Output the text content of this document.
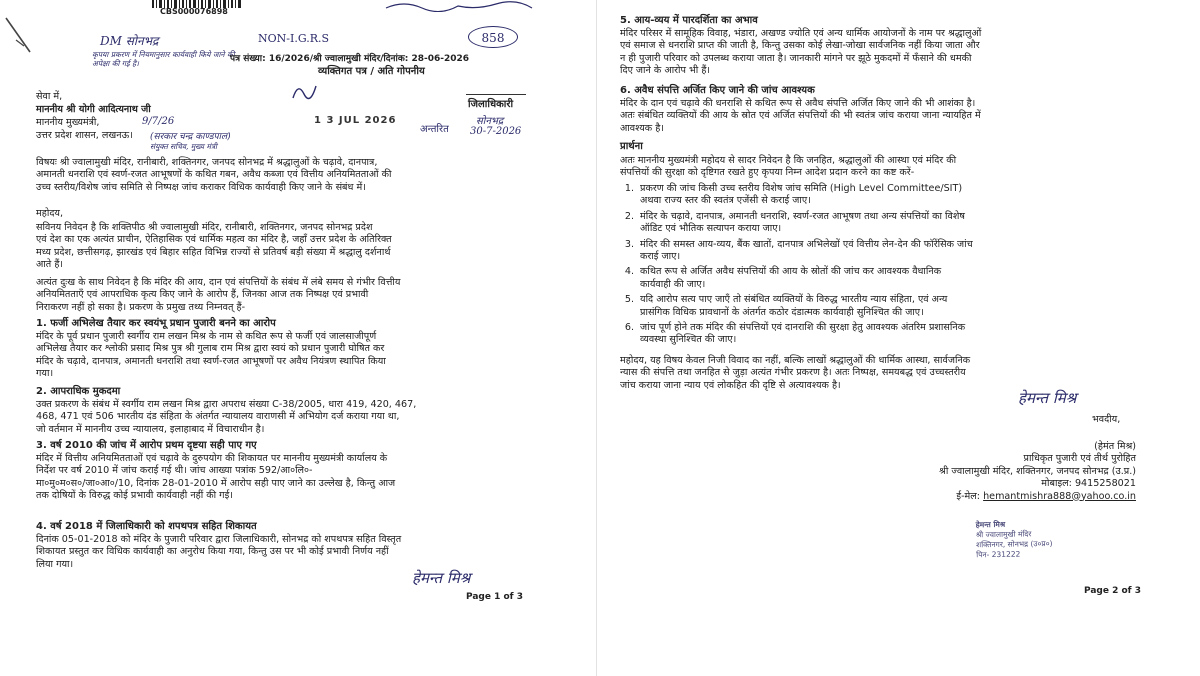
CBS000076898
DM सोनभद्र
कृपया प्रकरण में नियमानुसार कार्यवाही किये जाने की अपेक्षा की गई है।
NON-I.G.R.S	858
पत्र संख्या: 16/2026/श्री ज्वालामुखी मंदिर/दिनांक: 28-06-2026
व्यक्तिगत पत्र / अति गोपनीय
सेवा में,
माननीय श्री योगी आदित्यनाथ जी
माननीय मुख्यमंत्री,
उत्तर प्रदेश शासन, लखनऊ।
9/7/26
(सरकार चन्द्र काण्डपाल)
संयुक्त सचिव, मुख्य मंत्री
1 3 JUL 2026
जिलाधिकारी
अन्तरित
सोनभद्र
30-7-2026
विषयः श्री ज्वालामुखी मंदिर, रानीबारी, शक्तिनगर, जनपद सोनभद्र में श्रद्धालुओं के चढ़ावे, दानपात्र,
अमानती धनराशि एवं स्वर्ण-रजत आभूषणों के कथित गबन, अवैध कब्जा एवं वित्तीय अनियमितताओं की
उच्च स्तरीय/विशेष जांच समिति से निष्पक्ष जांच कराकर विधिक कार्यवाही किए जाने के संबंध में।
महोदय,
सविनय निवेदन है कि शक्तिपीठ श्री ज्वालामुखी मंदिर, रानीबारी, शक्तिनगर, जनपद सोनभद्र प्रदेश
एवं देश का एक अत्यंत प्राचीन, ऐतिहासिक एवं धार्मिक महत्व का मंदिर है, जहाँ उत्तर प्रदेश के अतिरिक्त
मध्य प्रदेश, छत्तीसगढ़, झारखंड एवं बिहार सहित विभिन्न राज्यों से प्रतिवर्ष बड़ी संख्या में श्रद्धालु दर्शनार्थ
आते हैं।
अत्यंत दुःख के साथ निवेदन है कि मंदिर की आय, दान एवं संपत्तियों के संबंध में लंबे समय से गंभीर वित्तीय
अनियमितताएँ एवं आपराधिक कृत्य किए जाने के आरोप हैं, जिनका आज तक निष्पक्ष एवं प्रभावी
निराकरण नहीं हो सका है। प्रकरण के प्रमुख तथ्य निम्नवत् हैं-
1. फर्जी अभिलेख तैयार कर स्वयंभू प्रधान पुजारी बनने का आरोप
मंदिर के पूर्व प्रधान पुजारी स्वर्गीय राम लखन मिश्र के नाम से कथित रूप से फर्जी एवं जालसाजीपूर्ण
अभिलेख तैयार कर श्लोकी प्रसाद मिश्र पुत्र श्री गुलाब राम मिश्र द्वारा स्वयं को प्रधान पुजारी घोषित कर
मंदिर के चढ़ावे, दानपात्र, अमानती धनराशि तथा स्वर्ण-रजत आभूषणों पर अवैध नियंत्रण स्थापित किया
गया।
2. आपराधिक मुकदमा
उक्त प्रकरण के संबंध में स्वर्गीय राम लखन मिश्र द्वारा अपराध संख्या C-38/2005, धारा 419, 420, 467,
468, 471 एवं 506 भारतीय दंड संहिता के अंतर्गत न्यायालय वाराणसी में अभियोग दर्ज कराया गया था,
जो वर्तमान में माननीय उच्च न्यायालय, इलाहाबाद में विचाराधीन है।
3. वर्ष 2010 की जांच में आरोप प्रथम दृष्टया सही पाए गए
मंदिर में वित्तीय अनियमितताओं एवं चढ़ावे के दुरुपयोग की शिकायत पर माननीय मुख्यमंत्री कार्यालय के
निर्देश पर वर्ष 2010 में जांच कराई गई थी। जांच आख्या पत्रांक 592/आ०लि०-
मा०मु०म०स०/जा०आ०/10, दिनांक 28-01-2010 में आरोप सही पाए जाने का उल्लेख है, किन्तु आज
तक दोषियों के विरुद्ध कोई प्रभावी कार्यवाही नहीं की गई।
4. वर्ष 2018 में जिलाधिकारी को शपथपत्र सहित शिकायत
दिनांक 05-01-2018 को मंदिर के पुजारी परिवार द्वारा जिलाधिकारी, सोनभद्र को शपथपत्र सहित विस्तृत
शिकायत प्रस्तुत कर विधिक कार्यवाही का अनुरोध किया गया, किन्तु उस पर भी कोई प्रभावी निर्णय नहीं
लिया गया।
हेमन्त मिश्र
Page 1 of 3
5. आय-व्यय में पारदर्शिता का अभाव
मंदिर परिसर में सामूहिक विवाह, भंडारा, अखण्ड ज्योति एवं अन्य धार्मिक आयोजनों के नाम पर श्रद्धालुओं
एवं समाज से धनराशि प्राप्त की जाती है, किन्तु उसका कोई लेखा-जोखा सार्वजनिक नहीं किया जाता और
न ही पुजारी परिवार को उपलब्ध कराया जाता है। जानकारी मांगने पर झूठे मुकदमों में फँसाने की धमकी
दिए जाने के आरोप भी हैं।
6. अवैध संपत्ति अर्जित किए जाने की जांच आवश्यक
मंदिर के दान एवं चढ़ावे की धनराशि से कथित रूप से अवैध संपत्ति अर्जित किए जाने की भी आशंका है।
अतः संबंधित व्यक्तियों की आय के स्रोत एवं अर्जित संपत्तियों की भी स्वतंत्र जांच कराया जाना न्यायहित में
आवश्यक है।
प्रार्थना
अतः माननीय मुख्यमंत्री महोदय से सादर निवेदन है कि जनहित, श्रद्धालुओं की आस्था एवं मंदिर की
संपत्तियों की सुरक्षा को दृष्टिगत रखते हुए कृपया निम्न आदेश प्रदान करने का कष्ट करें-
1. प्रकरण की जांच किसी उच्च स्तरीय विशेष जांच समिति (High Level Committee/SIT)
अथवा राज्य स्तर की स्वतंत्र एजेंसी से कराई जाए।
2. मंदिर के चढ़ावे, दानपात्र, अमानती धनराशि, स्वर्ण-रजत आभूषण तथा अन्य संपत्तियों का विशेष
ऑडिट एवं भौतिक सत्यापन कराया जाए।
3. मंदिर की समस्त आय-व्यय, बैंक खातों, दानपात्र अभिलेखों एवं वित्तीय लेन-देन की फॉरेंसिक जांच
कराई जाए।
4. कथित रूप से अर्जित अवैध संपत्तियों की आय के स्रोतों की जांच कर आवश्यक वैधानिक
कार्यवाही की जाए।
5. यदि आरोप सत्य पाए जाएँ तो संबंधित व्यक्तियों के विरुद्ध भारतीय न्याय संहिता, एवं अन्य
प्रासंगिक विधिक प्रावधानों के अंतर्गत कठोर दंडात्मक कार्यवाही सुनिश्चित की जाए।
6. जांच पूर्ण होने तक मंदिर की संपत्तियों एवं दानराशि की सुरक्षा हेतु आवश्यक अंतरिम प्रशासनिक
व्यवस्था सुनिश्चित की जाए।
महोदय, यह विषय केवल निजी विवाद का नहीं, बल्कि लाखों श्रद्धालुओं की धार्मिक आस्था, सार्वजनिक
न्यास की संपत्ति तथा जनहित से जुड़ा अत्यंत गंभीर प्रकरण है। अतः निष्पक्ष, समयबद्ध एवं उच्चस्तरीय
जांच कराया जाना न्याय एवं लोकहित की दृष्टि से अत्यावश्यक है।
हेमन्त मिश्र
भवदीय,
(हेमंत मिश्र)
प्राधिकृत पुजारी एवं तीर्थ पुरोहित
श्री ज्वालामुखी मंदिर, शक्तिनगर, जनपद सोनभद्र (उ.प्र.)
मोबाइल: 9415258021
ई-मेल: hemantmishra888@yahoo.co.in
हेमन्त मिश्र
श्री ज्वालामुखी मंदिर
शक्तिनगर, सोनभद्र (उ०प्र०)
पिन- 231222
Page 2 of 3
